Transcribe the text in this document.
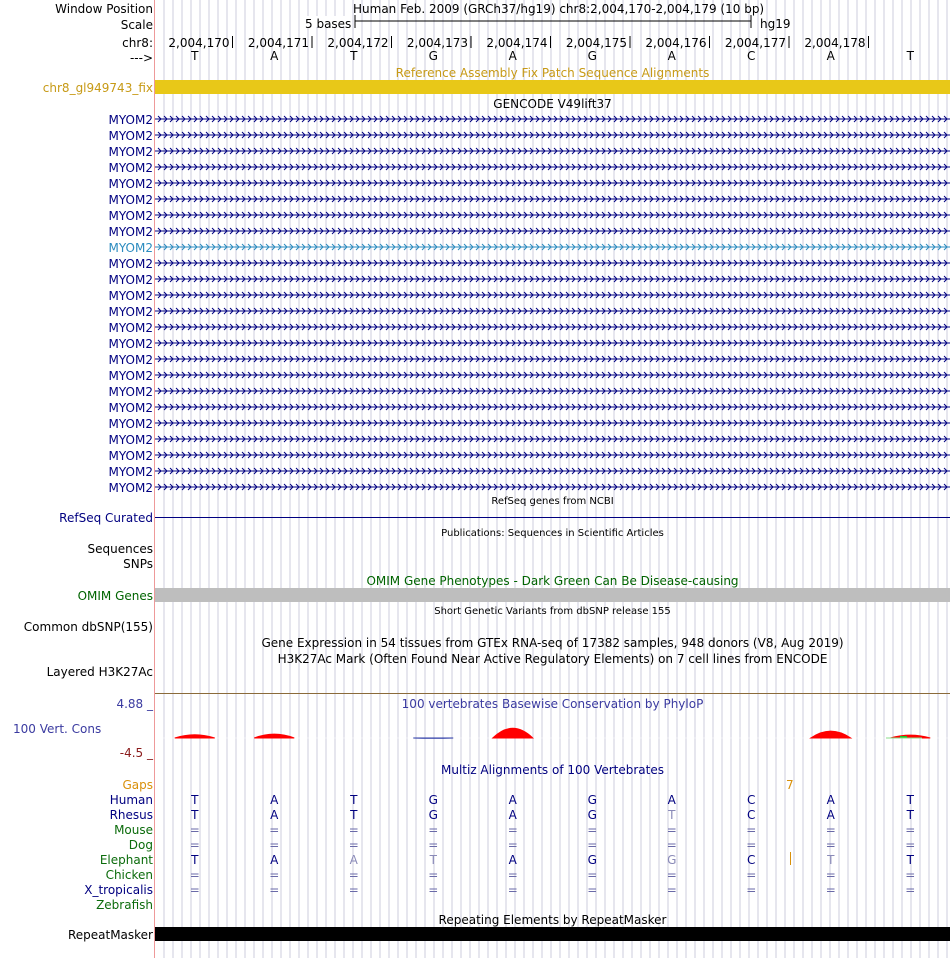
Window Position	Human Feb. 2009 (GRCh37/hg19) chr8:2,004,170-2,004,179 (10 bp)
Scale	5 bases	hg19
chr8:
--->
Reference Assembly Fix Patch Sequence Alignments
chr8_gl949743_fix
GENCODE V49lift37
MYOM2
MYOM2
MYOM2
MYOM2
MYOM2
MYOM2
MYOM2
MYOM2
MYOM2
MYOM2
MYOM2
MYOM2
MYOM2
MYOM2
MYOM2
MYOM2
MYOM2
MYOM2
MYOM2
MYOM2
MYOM2
MYOM2
MYOM2
MYOM2
RefSeq genes from NCBI
RefSeq Curated
Publications: Sequences in Scientific Articles
Sequences
SNPs
OMIM Gene Phenotypes - Dark Green Can Be Disease-causing
OMIM Genes
Short Genetic Variants from dbSNP release 155
Common dbSNP(155)
Gene Expression in 54 tissues from GTEx RNA-seq of 17382 samples, 948 donors (V8, Aug 2019)
H3K27Ac Mark (Often Found Near Active Regulatory Elements) on 7 cell lines from ENCODE
Layered H3K27Ac
100 vertebrates Basewise Conservation by PhyloP
4.88 _
100 Vert. Cons
-4.5 _
Multiz Alignments of 100 Vertebrates
Gaps	7
Human	T	A	T	G	A	G	A	C	A	T
Rhesus	T	A	T	G	A	G	T	C	A	T
Mouse	=	=	=	=	=	=	=	=	=	=
Dog	=	=	=	=	=	=	=	=	=	=
Elephant	T	A	A	T	A	G	G	C	T	T
Chicken	=	=	=	=	=	=	=	=	=	=
X_tropicalis	=	=	=	=	=	=	=	=	=	=
Zebrafish
Repeating Elements by RepeatMasker
RepeatMasker
2,004,170	2,004,171	2,004,172	2,004,173	2,004,174	2,004,175	2,004,176	2,004,177	2,004,178
T	A	T	G	A	G	A	C	A	T
